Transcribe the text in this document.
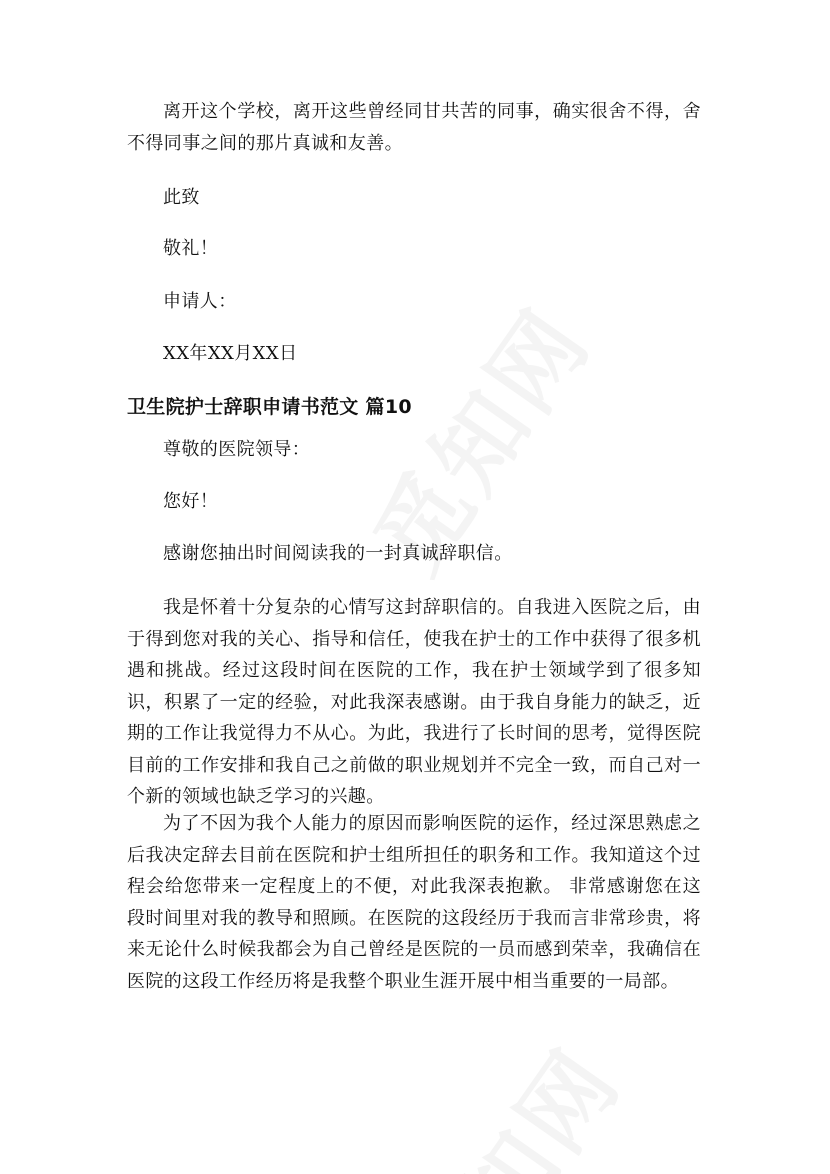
离开这个学校，离开这些曾经同甘共苦的同事，确实很舍不得，舍不得同事之间的那片真诚和友善。

此致

敬礼！

申请人：

XX年XX月XX日

卫生院护士辞职申请书范文 篇10

尊敬的医院领导：

您好！

感谢您抽出时间阅读我的一封真诚辞职信。

我是怀着十分复杂的心情写这封辞职信的。自我进入医院之后，由于得到您对我的关心、指导和信任，使我在护士的工作中获得了很多机遇和挑战。经过这段时间在医院的工作，我在护士领域学到了很多知识，积累了一定的经验，对此我深表感谢。由于我自身能力的缺乏，近期的工作让我觉得力不从心。为此，我进行了长时间的思考，觉得医院目前的工作安排和我自己之前做的职业规划并不完全一致，而自己对一个新的领域也缺乏学习的兴趣。

为了不因为我个人能力的原因而影响医院的运作，经过深思熟虑之后我决定辞去目前在医院和护士组所担任的职务和工作。我知道这个过程会给您带来一定程度上的不便，对此我深表抱歉。 非常感谢您在这段时间里对我的教导和照顾。在医院的这段经历于我而言非常珍贵，将来无论什么时候我都会为自己曾经是医院的一员而感到荣幸，我确信在医院的这段工作经历将是我整个职业生涯开展中相当重要的一局部。
